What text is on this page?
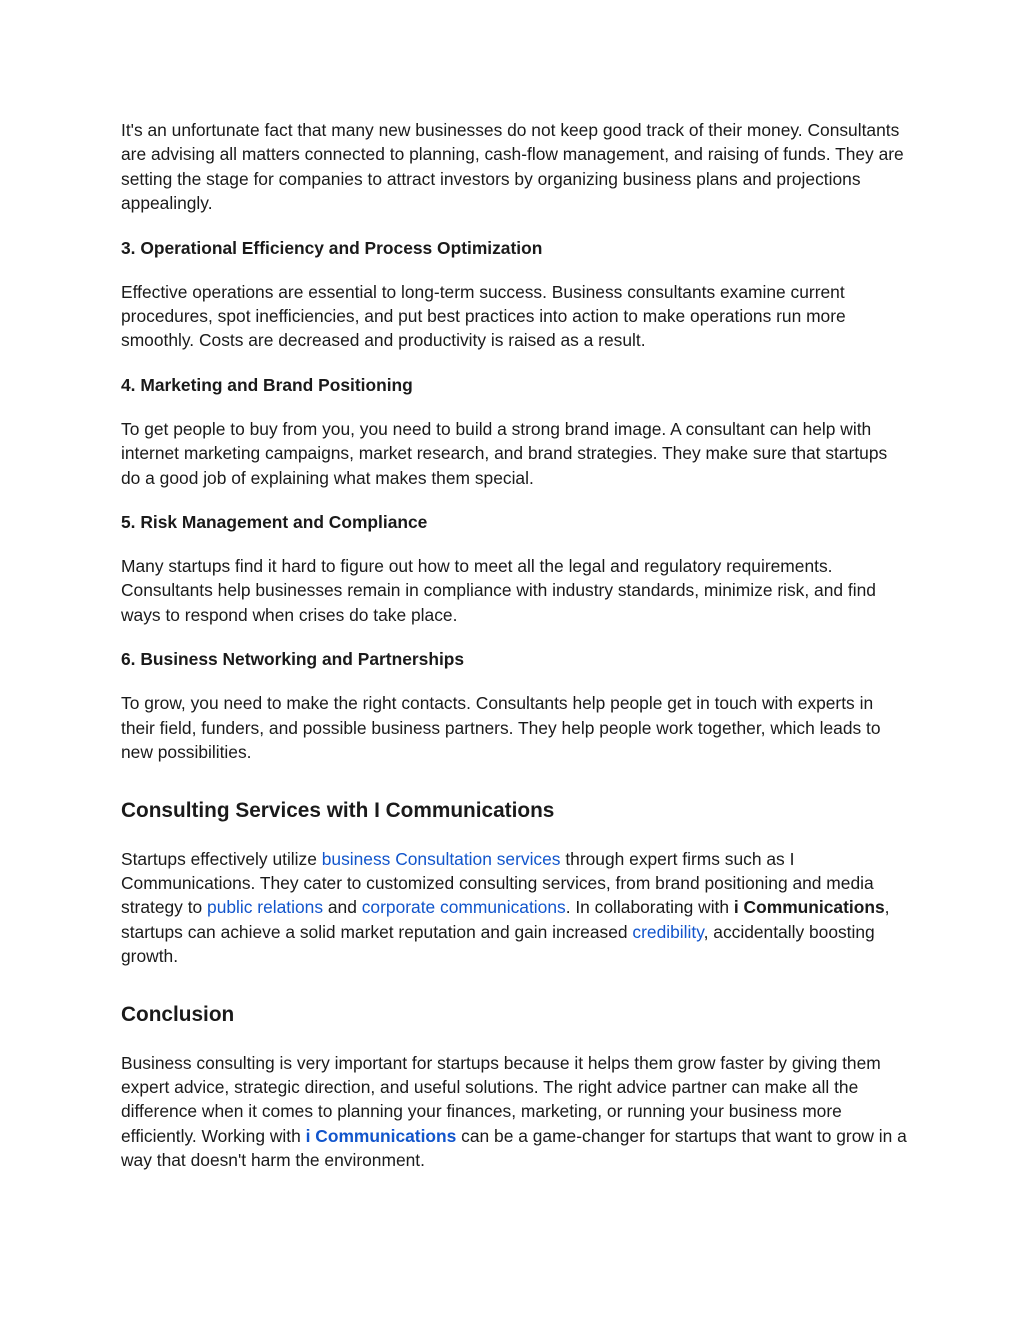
It's an unfortunate fact that many new businesses do not keep good track of their money. Consultants are advising all matters connected to planning, cash-flow management, and raising of funds. They are setting the stage for companies to attract investors by organizing business plans and projections appealingly.

3. Operational Efficiency and Process Optimization

Effective operations are essential to long-term success. Business consultants examine current procedures, spot inefficiencies, and put best practices into action to make operations run more smoothly. Costs are decreased and productivity is raised as a result.

4. Marketing and Brand Positioning

To get people to buy from you, you need to build a strong brand image. A consultant can help with internet marketing campaigns, market research, and brand strategies. They make sure that startups do a good job of explaining what makes them special.

5. Risk Management and Compliance

Many startups find it hard to figure out how to meet all the legal and regulatory requirements. Consultants help businesses remain in compliance with industry standards, minimize risk, and find ways to respond when crises do take place.

6. Business Networking and Partnerships

To grow, you need to make the right contacts. Consultants help people get in touch with experts in their field, funders, and possible business partners. They help people work together, which leads to new possibilities.

Consulting Services with I Communications

Startups effectively utilize business Consultation services through expert firms such as I Communications. They cater to customized consulting services, from brand positioning and media strategy to public relations and corporate communications. In collaborating with i Communications, startups can achieve a solid market reputation and gain increased credibility, accidentally boosting growth.

Conclusion

Business consulting is very important for startups because it helps them grow faster by giving them expert advice, strategic direction, and useful solutions. The right advice partner can make all the difference when it comes to planning your finances, marketing, or running your business more efficiently. Working with i Communications can be a game-changer for startups that want to grow in a way that doesn't harm the environment.
